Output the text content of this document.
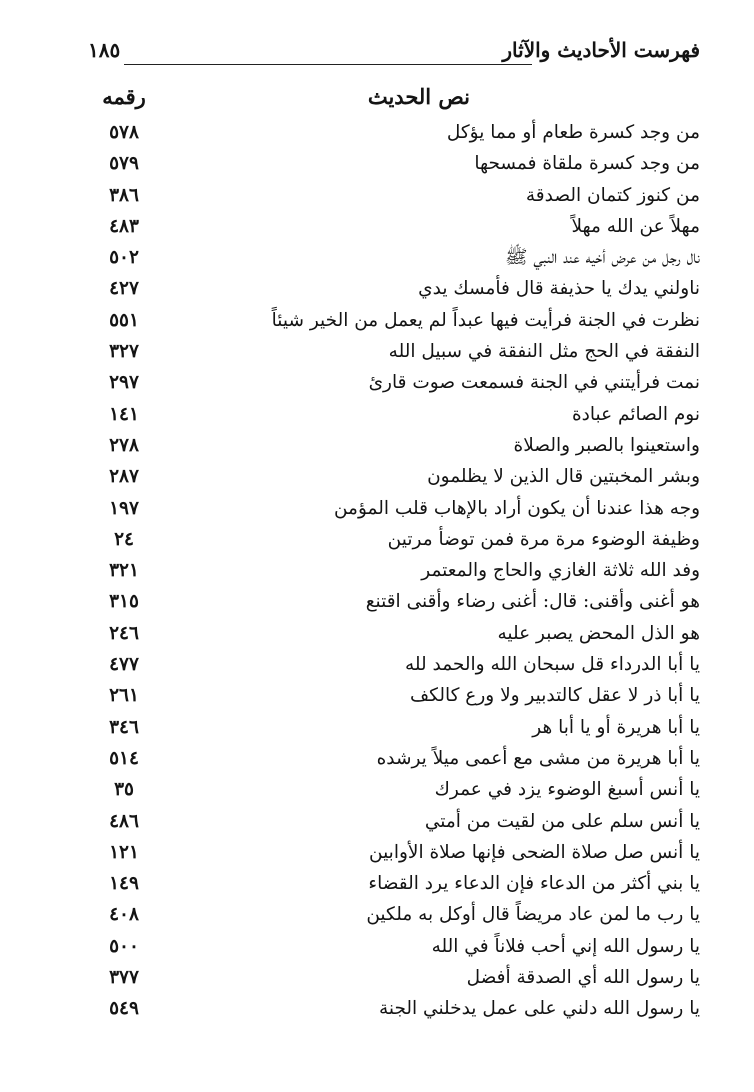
فهرست الأحاديث والآثار
١٨٥
نص الحديث
رقمه
من وجد كسرة طعام أو مما يؤكل
٥٧٨
من وجد كسرة ملقاة فمسحها
٥٧٩
من كنوز كتمان الصدقة
٣٨٦
مهلاً عن الله مهلاً
٤٨٣
نال رجل من عرض أخيه عند النبي ﷺ
٥٠٢
ناولني يدك يا حذيفة قال فأمسك يدي
٤٢٧
نظرت في الجنة فرأيت فيها عبداً لم يعمل من الخير شيئاً
٥٥١
النفقة في الحج مثل النفقة في سبيل الله
٣٢٧
نمت فرأيتني في الجنة فسمعت صوت قارئ
٢٩٧
نوم الصائم عبادة
١٤١
واستعينوا بالصبر والصلاة
٢٧٨
وبشر المخبتين قال الذين لا يظلمون
٢٨٧
وجه هذا عندنا أن يكون أراد بالإهاب قلب المؤمن
١٩٧
وظيفة الوضوء مرة مرة فمن توضأ مرتين
٢٤
وفد الله ثلاثة الغازي والحاج والمعتمر
٣٢١
هو أغنى وأقنى: قال: أغنى رضاء وأقنى اقتنع
٣١٥
هو الذل المحض يصبر عليه
٢٤٦
يا أبا الدرداء قل سبحان الله والحمد لله
٤٧٧
يا أبا ذر لا عقل كالتدبير ولا ورع كالكف
٢٦١
يا أبا هريرة أو يا أبا هر
٣٤٦
يا أبا هريرة من مشى مع أعمى ميلاً يرشده
٥١٤
يا أنس أسبغ الوضوء يزد في عمرك
٣٥
يا أنس سلم على من لقيت من أمتي
٤٨٦
يا أنس صل صلاة الضحى فإنها صلاة الأوابين
١٢١
يا بني أكثر من الدعاء فإن الدعاء يرد القضاء
١٤٩
يا رب ما لمن عاد مريضاً قال أوكل به ملكين
٤٠٨
يا رسول الله إني أحب فلاناً في الله
٥٠٠
يا رسول الله أي الصدقة أفضل
٣٧٧
يا رسول الله دلني على عمل يدخلني الجنة
٥٤٩
